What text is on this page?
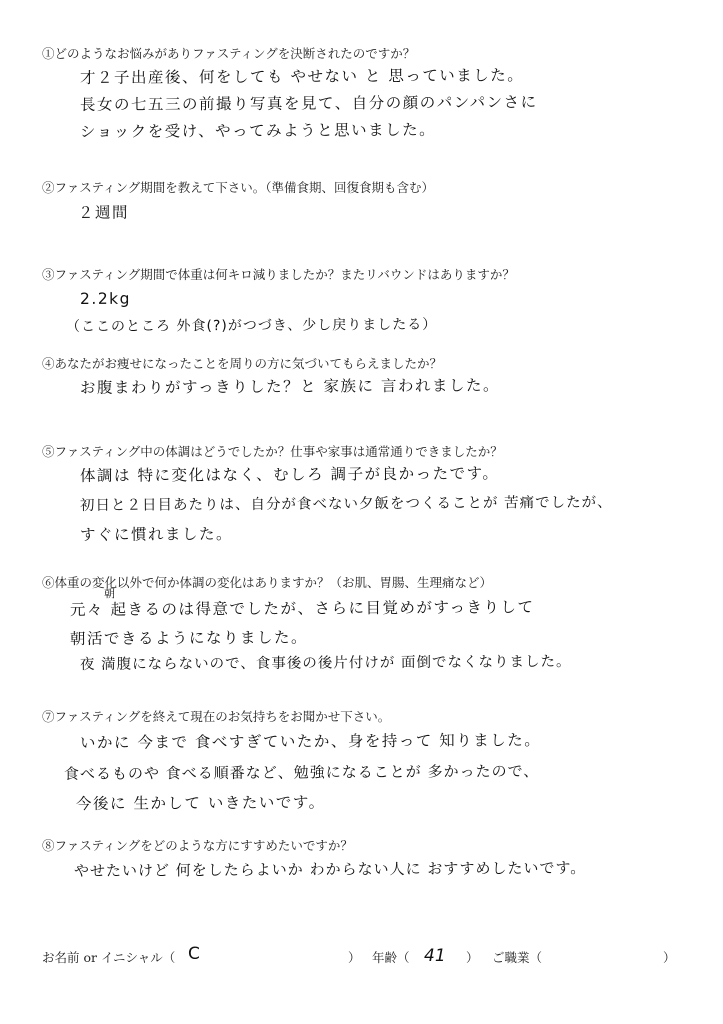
①どのようなお悩みがありファスティングを決断されたのですか？
才２子出産後、何をしても やせない と 思っていました。
長女の七五三の前撮り写真を見て、自分の顔のパンパンさに
ショックを受け、やってみようと思いました。
②ファスティング期間を教えて下さい。（準備食期、回復食期も含む）
２週間
③ファスティング期間で体重は何キロ減りましたか？またリバウンドはありますか？
2.2kg
（ここのところ 外食(?)がつづき、少し戻りましたる）
④あなたがお痩せになったことを周りの方に気づいてもらえましたか？
お腹まわりがすっきりした？と 家族に 言われました。
⑤ファスティング中の体調はどうでしたか？仕事や家事は通常通りできましたか？
体調は 特に変化はなく、むしろ 調子が良かったです。
初日と２日目あたりは、自分が食べない夕飯をつくることが 苦痛でしたが、
すぐに慣れました。
⑥体重の変化以外で何か体調の変化はありますか？（お肌、胃腸、生理痛など）
朝
元々 起きるのは得意でしたが、さらに目覚めがすっきりして
朝活できるようになりました。
夜 満腹にならないので、食事後の後片付けが 面倒でなくなりました。
⑦ファスティングを終えて現在のお気持ちをお聞かせ下さい。
いかに 今まで 食べすぎていたか、身を持って 知りました。
食べるものや 食べる順番など、勉強になることが 多かったので、
今後に 生かして いきたいです。
⑧ファスティングをどのような方にすすめたいですか？
やせたいけど 何をしたらよいか わからない人に おすすめしたいです。
お名前 or イニシャル（ C	） 年齢（ 41 ） ご職業（	）
